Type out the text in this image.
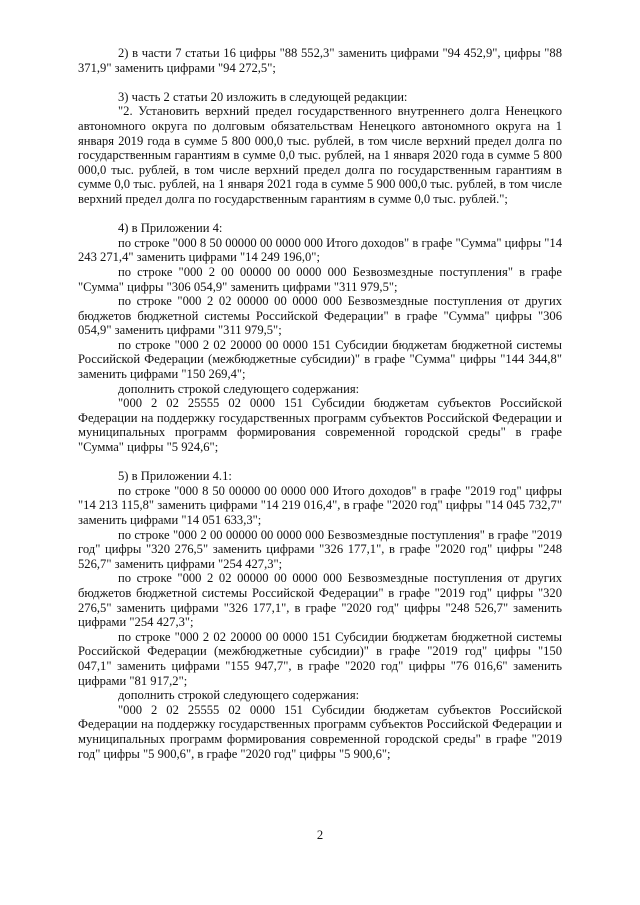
2) в части 7 статьи 16 цифры "88 552,3" заменить цифрами "94 452,9", цифры "88 371,9" заменить цифрами "94 272,5";

3) часть 2 статьи 20 изложить в следующей редакции:

"2. Установить верхний предел государственного внутреннего долга Ненецкого автономного округа по долговым обязательствам Ненецкого автономного округа на 1 января 2019 года в сумме 5 800 000,0 тыс. рублей, в том числе верхний предел долга по государственным гарантиям в сумме 0,0 тыс. рублей, на 1 января 2020 года в сумме 5 800 000,0 тыс. рублей, в том числе верхний предел долга по государственным гарантиям в сумме 0,0 тыс. рублей, на 1 января 2021 года в сумме 5 900 000,0 тыс. рублей, в том числе верхний предел долга по государственным гарантиям в сумме 0,0 тыс. рублей.";

4) в Приложении 4:

по строке "000 8 50 00000 00 0000 000 Итого доходов" в графе "Сумма" цифры "14 243 271,4" заменить цифрами "14 249 196,0";

по строке "000 2 00 00000 00 0000 000 Безвозмездные поступления" в графе "Сумма" цифры "306 054,9" заменить цифрами "311 979,5";

по строке "000 2 02 00000 00 0000 000 Безвозмездные поступления от других бюджетов бюджетной системы Российской Федерации" в графе "Сумма" цифры "306 054,9" заменить цифрами "311 979,5";

по строке "000 2 02 20000 00 0000 151 Субсидии бюджетам бюджетной системы Российской Федерации (межбюджетные субсидии)" в графе "Сумма" цифры "144 344,8" заменить цифрами "150 269,4";

дополнить строкой следующего содержания:

"000 2 02 25555 02 0000 151 Субсидии бюджетам субъектов Российской Федерации на поддержку государственных программ субъектов Российской Федерации и муниципальных программ формирования современной городской среды" в графе "Сумма" цифры "5 924,6";

5) в Приложении 4.1:

по строке "000 8 50 00000 00 0000 000 Итого доходов" в графе "2019 год" цифры "14 213 115,8" заменить цифрами "14 219 016,4", в графе "2020 год" цифры "14 045 732,7" заменить цифрами "14 051 633,3";

по строке "000 2 00 00000 00 0000 000 Безвозмездные поступления" в графе "2019 год" цифры "320 276,5" заменить цифрами "326 177,1", в графе "2020 год" цифры "248 526,7" заменить цифрами "254 427,3";

по строке "000 2 02 00000 00 0000 000 Безвозмездные поступления от других бюджетов бюджетной системы Российской Федерации" в графе "2019 год" цифры "320 276,5" заменить цифрами "326 177,1", в графе "2020 год" цифры "248 526,7" заменить цифрами "254 427,3";

по строке "000 2 02 20000 00 0000 151 Субсидии бюджетам бюджетной системы Российской Федерации (межбюджетные субсидии)" в графе "2019 год" цифры "150 047,1" заменить цифрами "155 947,7", в графе "2020 год" цифры "76 016,6" заменить цифрами "81 917,2";

дополнить строкой следующего содержания:

"000 2 02 25555 02 0000 151 Субсидии бюджетам субъектов Российской Федерации на поддержку государственных программ субъектов Российской Федерации и муниципальных программ формирования современной городской среды" в графе "2019 год" цифры "5 900,6", в графе "2020 год" цифры "5 900,6";

2
